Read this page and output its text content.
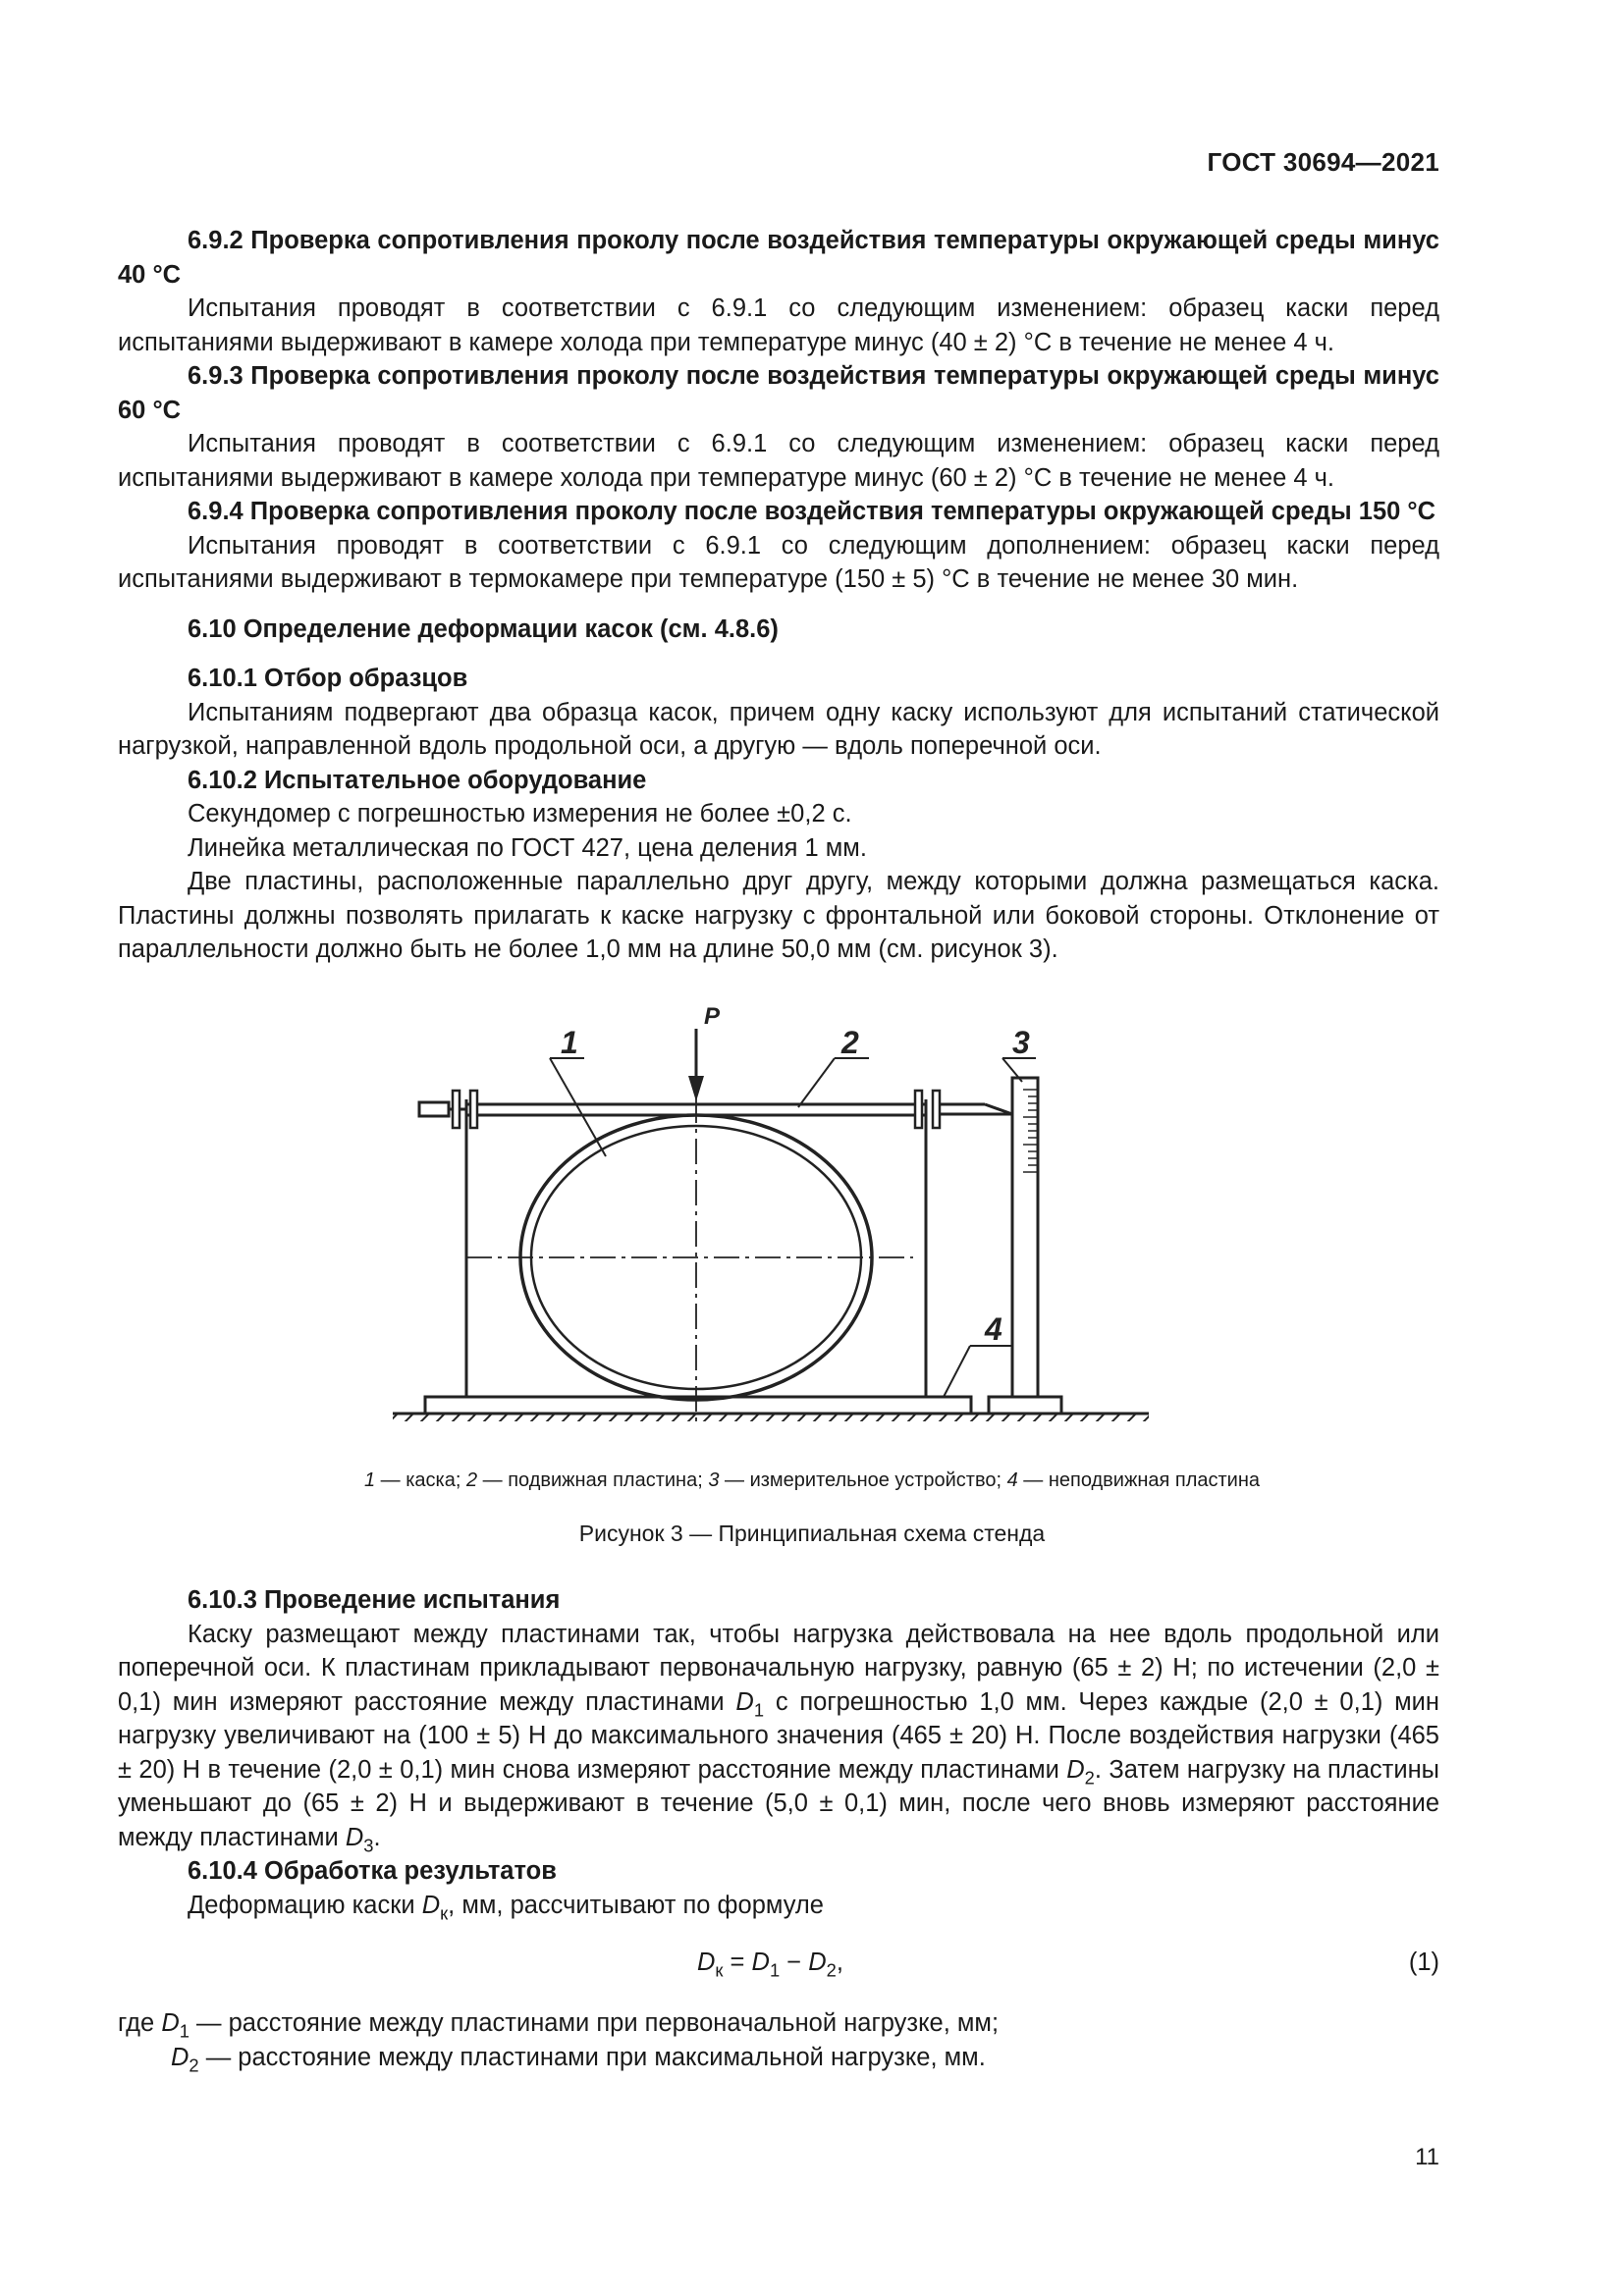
ГОСТ 30694—2021

6.9.2 Проверка сопротивления проколу после воздействия температуры окружающей среды минус 40 °С

Испытания проводят в соответствии с 6.9.1 со следующим изменением: образец каски перед испытаниями выдерживают в камере холода при температуре минус (40 ± 2) °С в течение не менее 4 ч.

6.9.3 Проверка сопротивления проколу после воздействия температуры окружающей среды минус 60 °С

Испытания проводят в соответствии с 6.9.1 со следующим изменением: образец каски перед испытаниями выдерживают в камере холода при температуре минус (60 ± 2) °С в течение не менее 4 ч.

6.9.4 Проверка сопротивления проколу после воздействия температуры окружающей среды 150 °С

Испытания проводят в соответствии с 6.9.1 со следующим дополнением: образец каски перед испытаниями выдерживают в термокамере при температуре (150 ± 5) °С в течение не менее 30 мин.

6.10 Определение деформации касок (см. 4.8.6)

6.10.1 Отбор образцов

Испытаниям подвергают два образца касок, причем одну каску используют для испытаний статической нагрузкой, направленной вдоль продольной оси, а другую — вдоль поперечной оси.

6.10.2 Испытательное оборудование

Секундомер с погрешностью измерения не более ±0,2 с.

Линейка металлическая по ГОСТ 427, цена деления 1 мм.

Две пластины, расположенные параллельно друг другу, между которыми должна размещаться каска. Пластины должны позволять прилагать к каске нагрузку с фронтальной или боковой стороны. Отклонение от параллельности должно быть не более 1,0 мм на длине 50,0 мм (см. рисунок 3).

P
1	2	3
4
1 — каска; 2 — подвижная пластина; 3 — измерительное устройство; 4 — неподвижная пластина
Рисунок 3 — Принципиальная схема стенда

6.10.3 Проведение испытания

Каску размещают между пластинами так, чтобы нагрузка действовала на нее вдоль продольной или поперечной оси. К пластинам прикладывают первоначальную нагрузку, равную (65 ± 2) Н; по истечении (2,0 ± 0,1) мин измеряют расстояние между пластинами $D_1$ с погрешностью 1,0 мм. Через каждые (2,0 ± 0,1) мин нагрузку увеличивают на (100 ± 5) Н до максимального значения (465 ± 20) Н. После воздействия нагрузки (465 ± 20) Н в течение (2,0 ± 0,1) мин снова измеряют расстояние между пластинами $D_2$. Затем нагрузку на пластины уменьшают до (65 ± 2) Н и выдерживают в течение (5,0 ± 0,1) мин, после чего вновь измеряют расстояние между пластинами $D_3$.

6.10.4 Обработка результатов

Деформацию каски $D_к$, мм, рассчитывают по формуле

$D_к = D_1 - D_2$,	(1)

где $D_1$ — расстояние между пластинами при первоначальной нагрузке, мм;

$D_2$ — расстояние между пластинами при максимальной нагрузке, мм.

11
